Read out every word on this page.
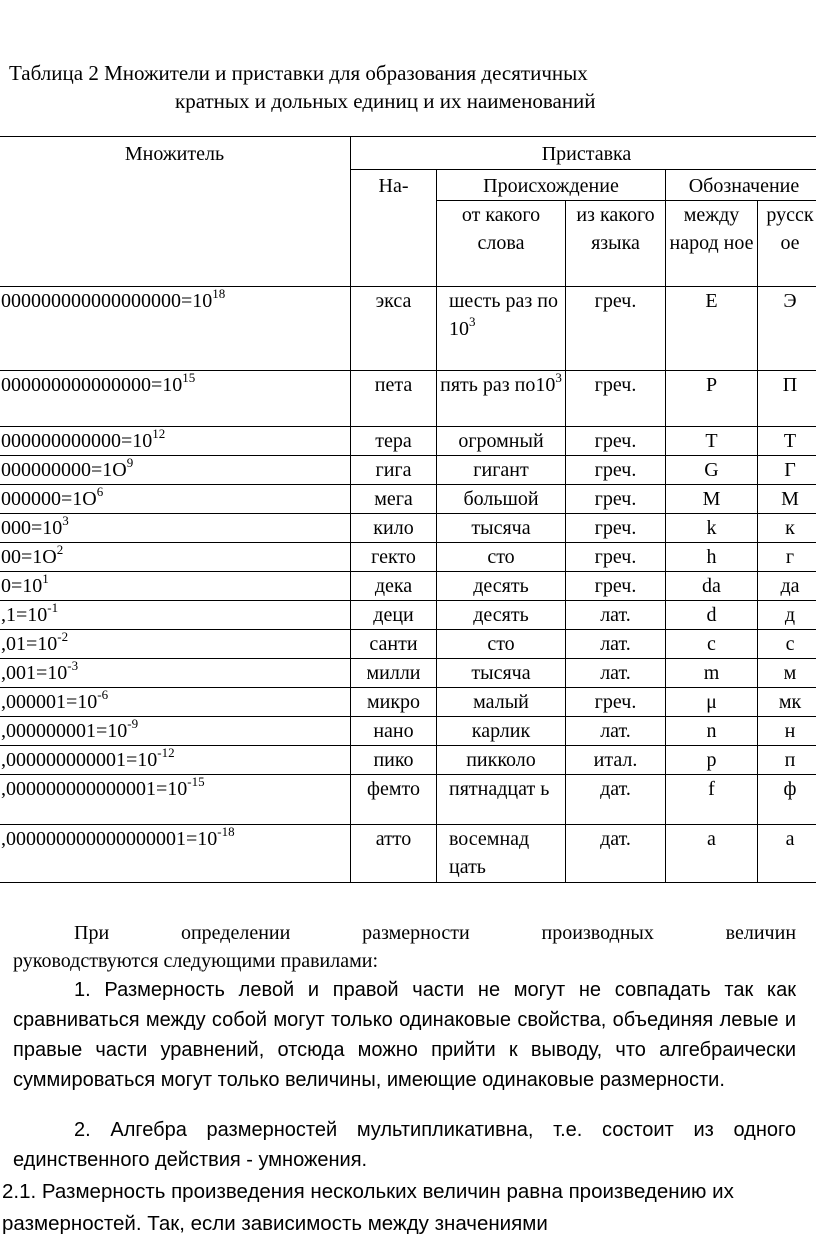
Таблица 2 Множители и приставки для образования десятичных
кратных и дольных единиц и их наименований
Множитель	Приставка				
	На-	Происхождение		Обозначение	
		от какого слова	из какого языка	между народ ное	русск ое
$000000000000000000=10^{18}$	экса	шесть раз по $10^3$	греч.	E	Э
$000000000000000=10^{15}$	пета	пять раз $по10^3$	греч.	P	П
$000000000000=10^{12}$	тера	огромный	греч.	T	Т
$000000000=1О^9$	гига	гигант	греч.	G	Г
$000000=1О^6$	мега	большой	греч.	M	М
$000=10^3$	кило	тысяча	греч.	k	к
$00=1О^2$	гекто	сто	греч.	h	г
$0=10^1$	дека	десять	греч.	da	да
$,1=10^{-1}$	деци	десять	лат.	d	д
$,01=10^{-2}$	санти	сто	лат.	c	с
$,001=10^{-3}$	милли	тысяча	лат.	m	м
$,000001=10^{-6}$	микро	малый	греч.	μ	мк
$,000000001=10^{-9}$	нано	карлик	лат.	n	н
$,000000000001=10^{-12}$	пико	пикколо	итал.	p	п
$,000000000000001=10^{-15}$	фемто	пятнадцат ь	дат.	f	ф
$,000000000000000001=10^{-18}$	атто	восемнад цать	дат.	a	а
При	определении	размерности	производных	величин
руководствуются следующими правилами:
1. Размерность левой и правой части не могут не совпадать так как сравниваться между собой могут только одинаковые свойства, объединяя левые и правые части уравнений, отсюда можно прийти к выводу, что алгебраически суммироваться могут только величины, имеющие одинаковые размерности.
2. Алгебра размерностей мультипликативна, т.е. состоит из одного единственного действия - умножения.
2.1. Размерность произведения нескольких величин равна произведению их
размерностей. Так, если зависимость между значениями
